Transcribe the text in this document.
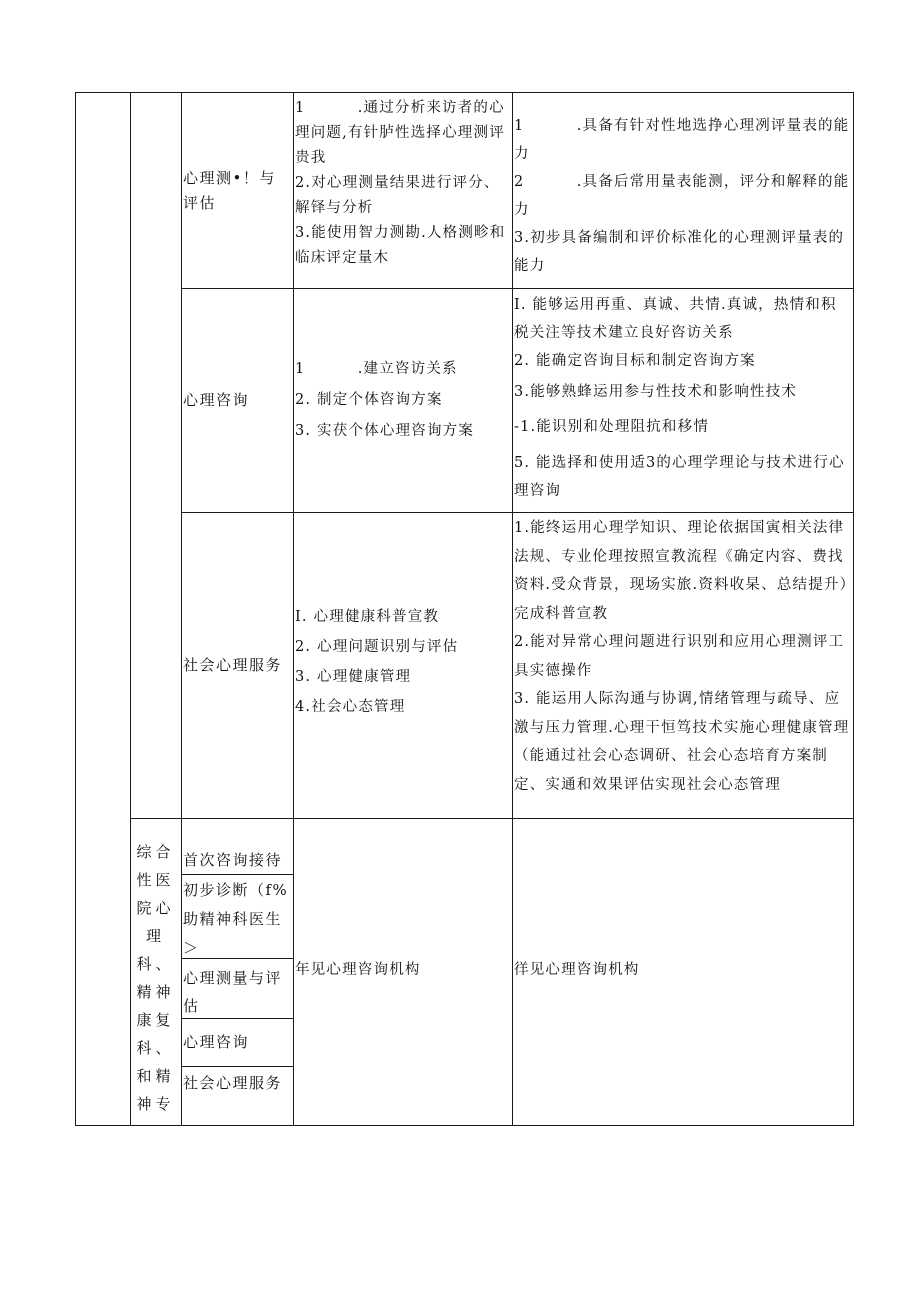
心理测•！与评估

1         .通过分析来访者的心理问题,有针胪性选择心理测评贵我

2.对心理测量结果进行评分、解铎与分析

3.能使用智力测勘.人格测畛和临床评定量木

1         .具备有针对性地选挣心理冽评量表的能力

2         .具备后常用量表能测，评分和解释的能力

3.初步具备编制和评价标准化的心理测评量表的能力

心理咨询

1         .建立咨访关系

2. 制定个体咨询方案

3. 实茯个体心理咨询方案

I. 能够运用再重、真诚、共情.真诚，热情和积税关注等技术建立良好咨访关系

2. 能确定咨询目标和制定咨询方案

3.能够熟蜂运用参与性技术和影响性技术

-1.能识别和处理阻抗和移情

5. 能选择和使用适3的心理学理论与技术进行心理咨询

社会心理服务

I. 心理健康科普宣教

2. 心理问题识别与评估

3. 心理健康管理

4.社会心态管理

1.能终运用心理学知识、理论依据国寅相关法律法规、专业伦理按照宣教流程《确定内容、费找资料.受众背景，现场实旅.资料收杲、总结提升）完成科普宣教

2.能对异常心理问题进行识别和应用心理测评工具实德操作

3. 能运用人际沟通与协调,情绪管理与疏导、应激与压力管理.心理干恒笃技术实施心理健康管理

（能通过社会心态调研、社会心态培育方案制定、实通和效果评估实现社会心态管理

综合性医院心理科、精神康复科、和精神专

首次咨询接待

初步诊断（f%助精神科医生＞

心理测量与评估

心理咨询

社会心理服务

年见心理咨询机构	徉见心理咨询机构
